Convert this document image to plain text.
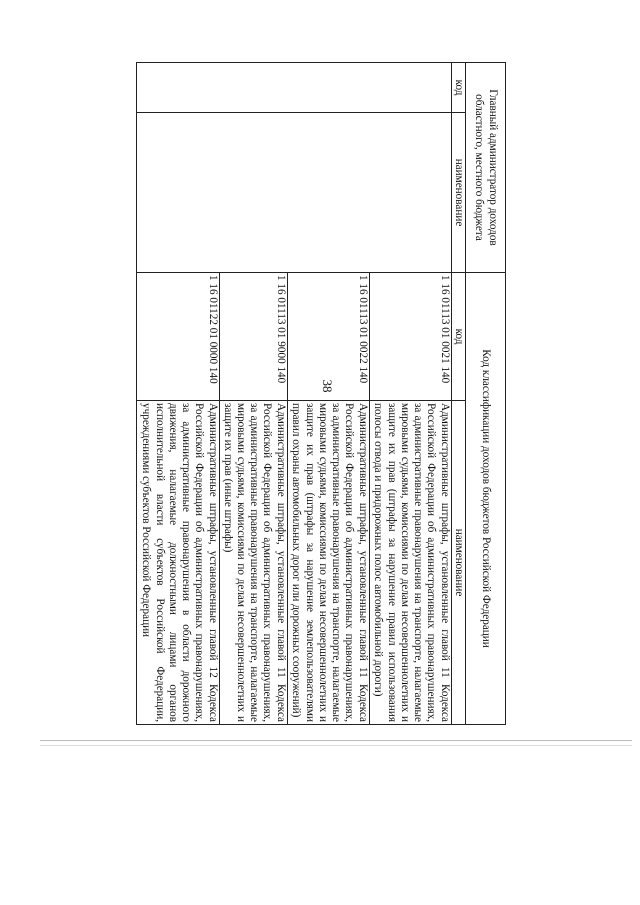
38
Главный администратор доходов областного, местного бюджета		Код классификации доходов бюджетов Российской Федерации	
код	наименование	код	наименование
		1 16 01113 01 0021 140	Административные штрафы, установленные главой 11 Кодекса Российской Федерации об административных правонарушениях, за административные правонарушения на транспорте, налагаемые мировыми судьями, комиссиями по делам несовершеннолетних и защите их прав (штрафы за нарушение правил использования полосы отвода и придорожных полос автомобильной дороги)
		1 16 01113 01 0022 140	Административные штрафы, установленные главой 11 Кодекса Российской Федерации об административных правонарушениях, за административные правонарушения на транспорте, налагаемые мировыми судьями, комиссиями по делам несовершеннолетних и защите их прав (штрафы за нарушение землепользователями правил охраны автомобильных дорог или дорожных сооружений)
		1 16 01113 01 9000 140	Административные штрафы, установленные главой 11 Кодекса Российской Федерации об административных правонарушениях, за административные правонарушения на транспорте, налагаемые мировыми судьями, комиссиями по делам несовершеннолетних и защите их прав (иные штрафы)
		1 16 01122 01 0000 140	Административные штрафы, установленные главой 12 Кодекса Российской Федерации об административных правонарушениях, за административные правонарушения в области дорожного движения, налагаемые должностными лицами органов исполнительной власти субъектов Российской Федерации, учреждениями субъектов Российской Федерации
